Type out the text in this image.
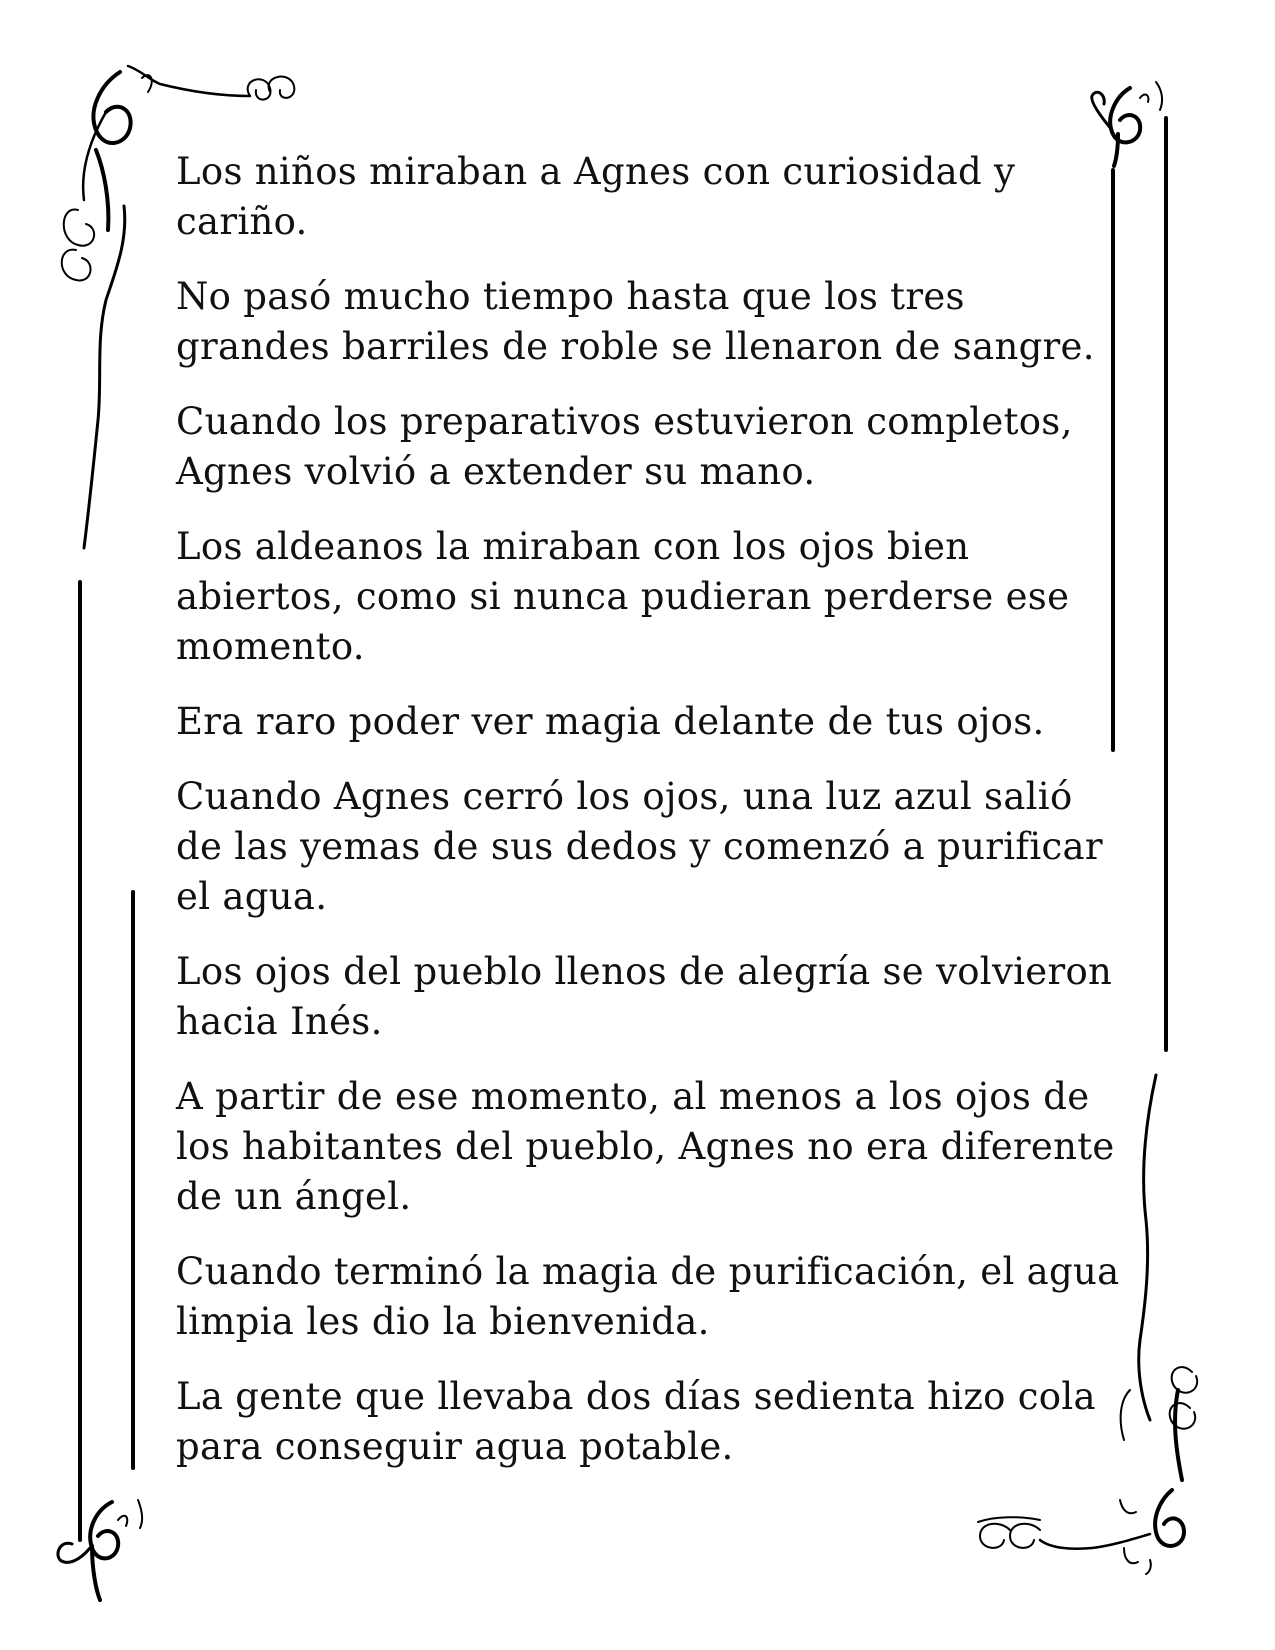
Los niños miraban a Agnes con curiosidad y cariño.

No pasó mucho tiempo hasta que los tres grandes barriles de roble se llenaron de sangre.

Cuando los preparativos estuvieron completos, Agnes volvió a extender su mano.

Los aldeanos la miraban con los ojos bien abiertos, como si nunca pudieran perderse ese momento.

Era raro poder ver magia delante de tus ojos.

Cuando Agnes cerró los ojos, una luz azul salió de las yemas de sus dedos y comenzó a purificar el agua.

Los ojos del pueblo llenos de alegría se volvieron hacia Inés.

A partir de ese momento, al menos a los ojos de los habitantes del pueblo, Agnes no era diferente de un ángel.

Cuando terminó la magia de purificación, el agua limpia les dio la bienvenida.

La gente que llevaba dos días sedienta hizo cola para conseguir agua potable.
